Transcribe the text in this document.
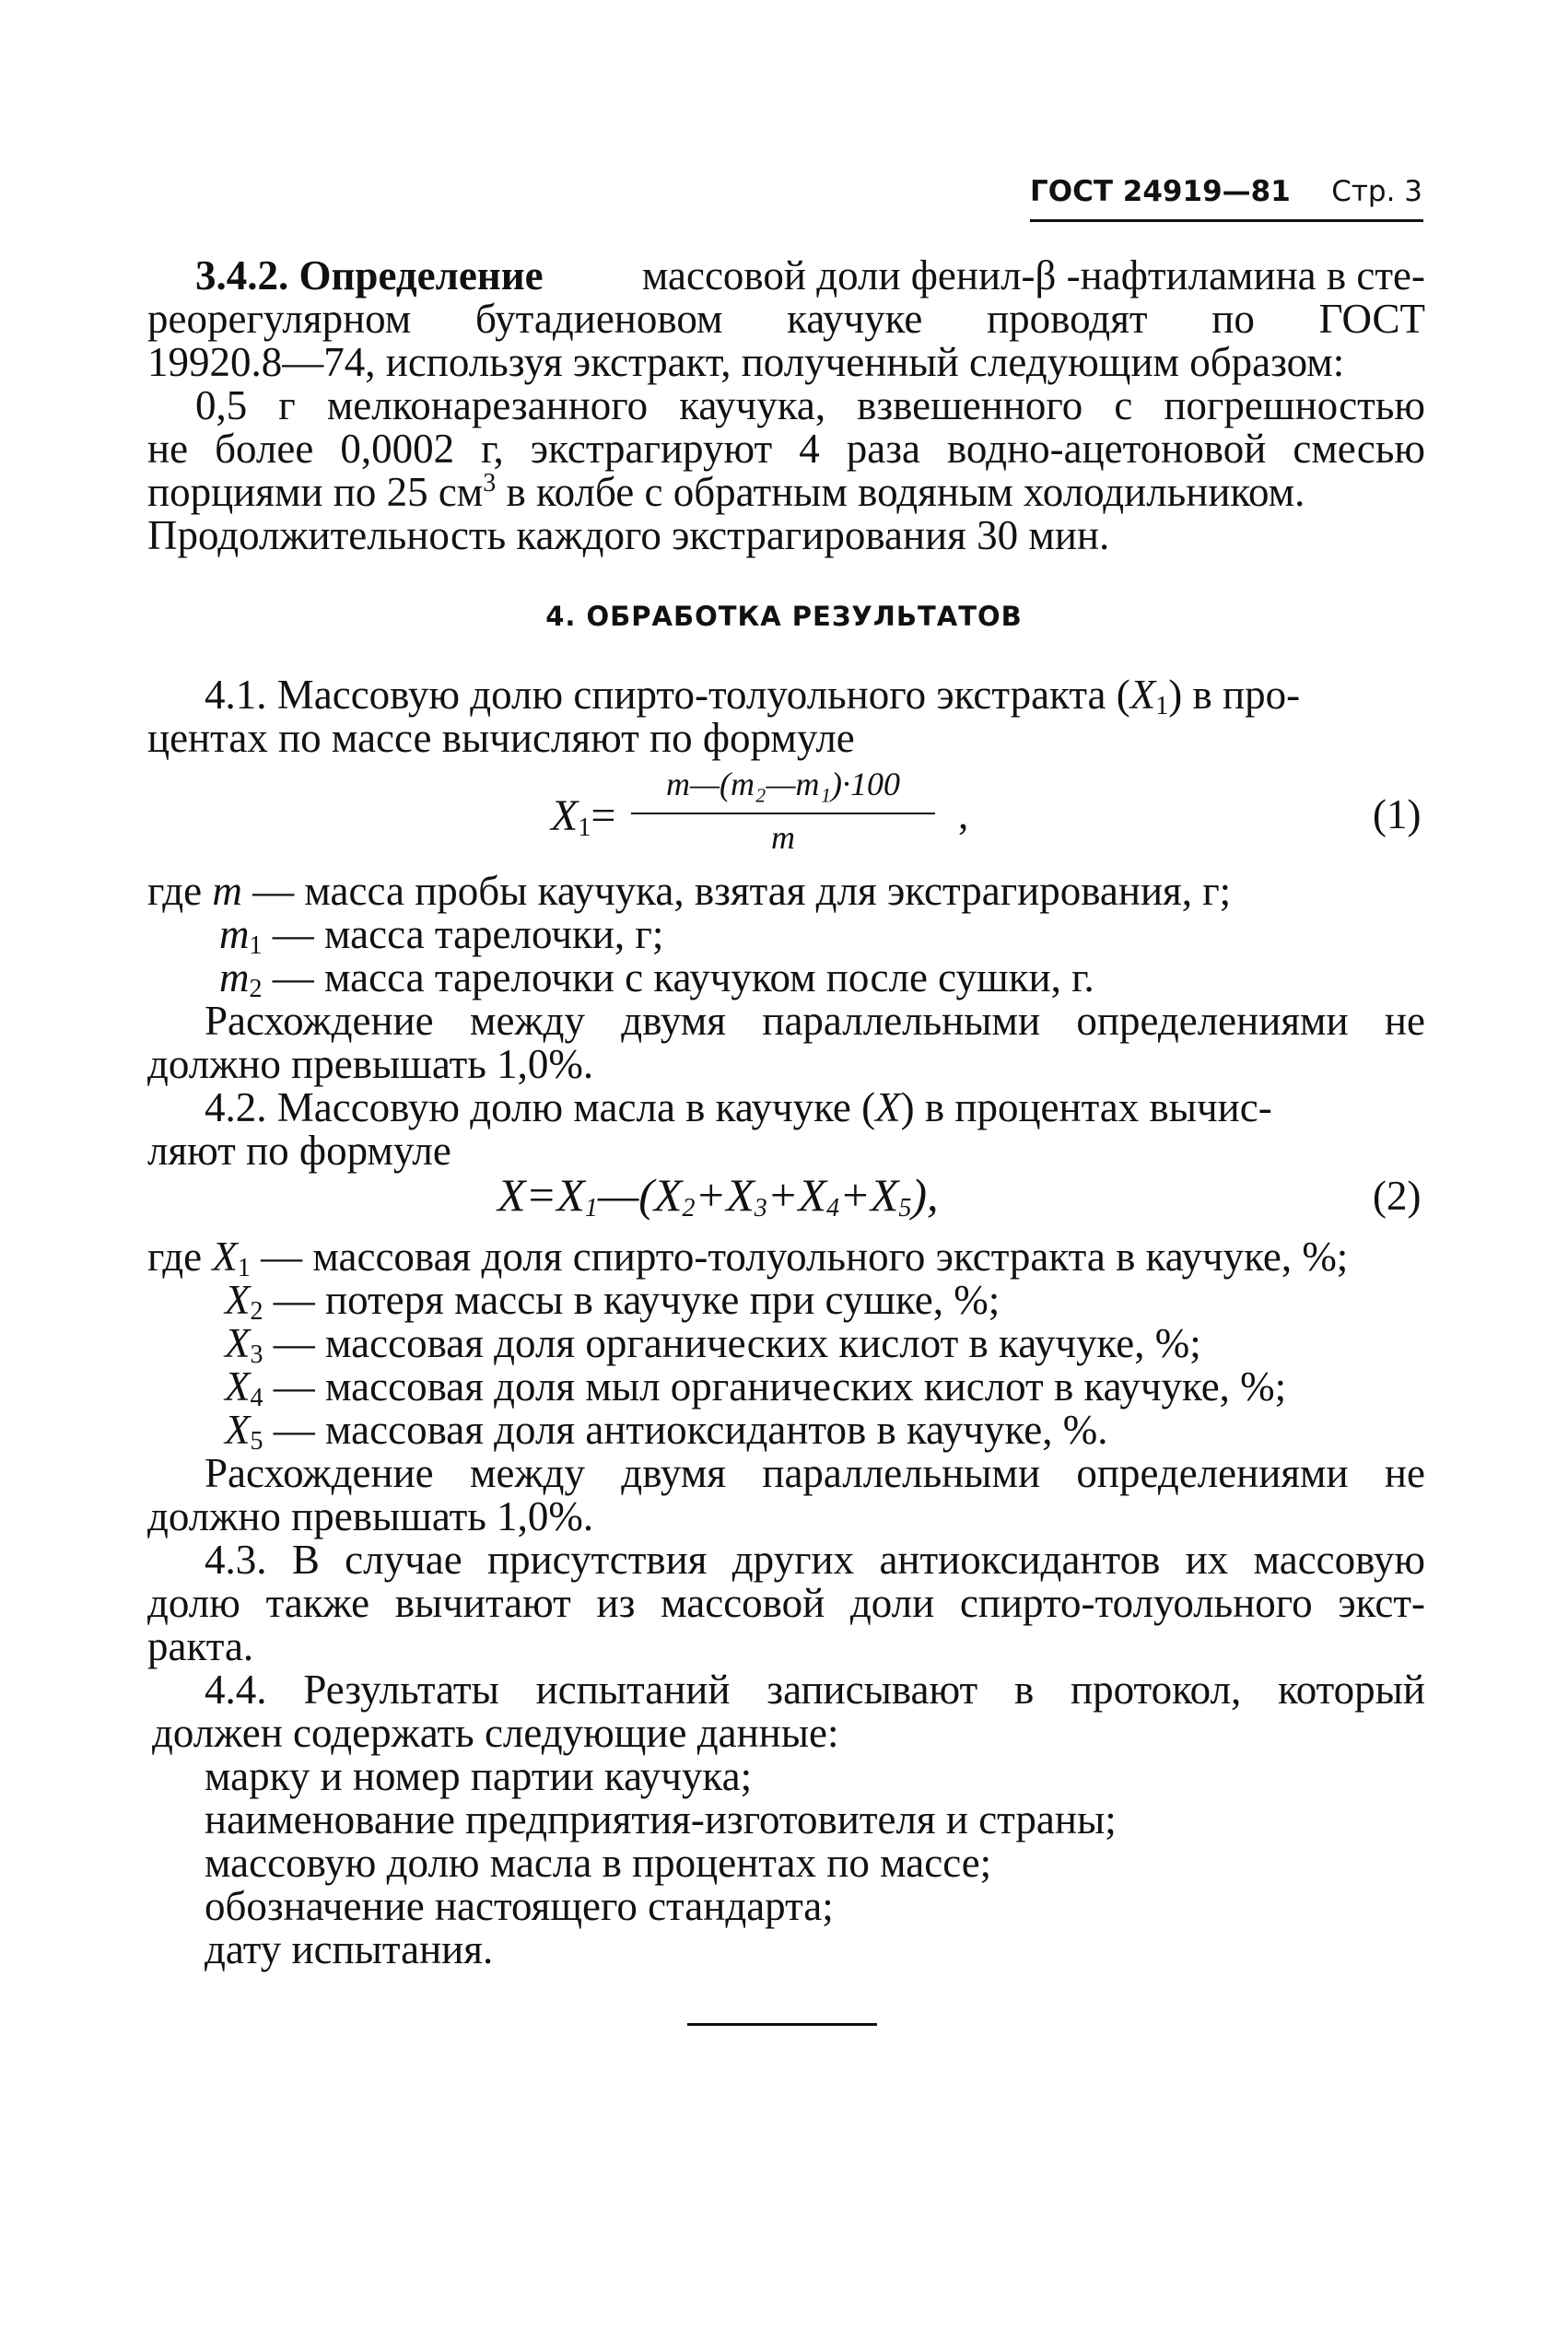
ГОСТ 24919—81 Стр. 3
3.4.2. Определение массовой доли фенил-β -нафтиламина в сте-
реорегулярном бутадиеновом каучуке проводят по ГОСТ
19920.8—74, используя экстракт, полученный следующим образом:
0,5 г мелконарезанного каучука, взвешенного с погрешностью
не более 0,0002 г, экстрагируют 4 раза водно-ацетоновой смесью
порциями по 25 $см^3$ в колбе с обратным водяным холодильником.
Продолжительность каждого экстрагирования 30 мин.
4. ОБРАБОТКА РЕЗУЛЬТАТОВ
4.1. Массовую долю спирто-толуольного экстракта $(X_1)$ в про-
центах по массе вычисляют по формуле
$X_1=$
m—(m₂—m₁)·100
m	,	(1)
где m — масса пробы каучука, взятая для экстрагирования, г;
$m_1$ — масса тарелочки, г;
$m_2$ — масса тарелочки с каучуком после сушки, г.
Расхождение между двумя параллельными определениями не
должно превышать 1,0%.
4.2. Массовую долю масла в каучуке (X) в процентах вычис-
ляют по формуле
$X=X_1—(X_2+X_3+X_4+X_5)$,	(2)
где $X_1$ — массовая доля спирто-толуольного экстракта в каучуке, %;
$X_2$ — потеря массы в каучуке при сушке, %;
$X_3$ — массовая доля органических кислот в каучуке, %;
$X_4$ — массовая доля мыл органических кислот в каучуке, %;
$X_5$ — массовая доля антиоксидантов в каучуке, %.
Расхождение между двумя параллельными определениями не
должно превышать 1,0%.
4.3. В случае присутствия других антиоксидантов их массовую
долю также вычитают из массовой доли спирто-толуольного экст-
ракта.
4.4. Результаты испытаний записывают в протокол, который
должен содержать следующие данные:
марку и номер партии каучука;
наименование предприятия-изготовителя и страны;
массовую долю масла в процентах по массе;
обозначение настоящего стандарта;
дату испытания.
